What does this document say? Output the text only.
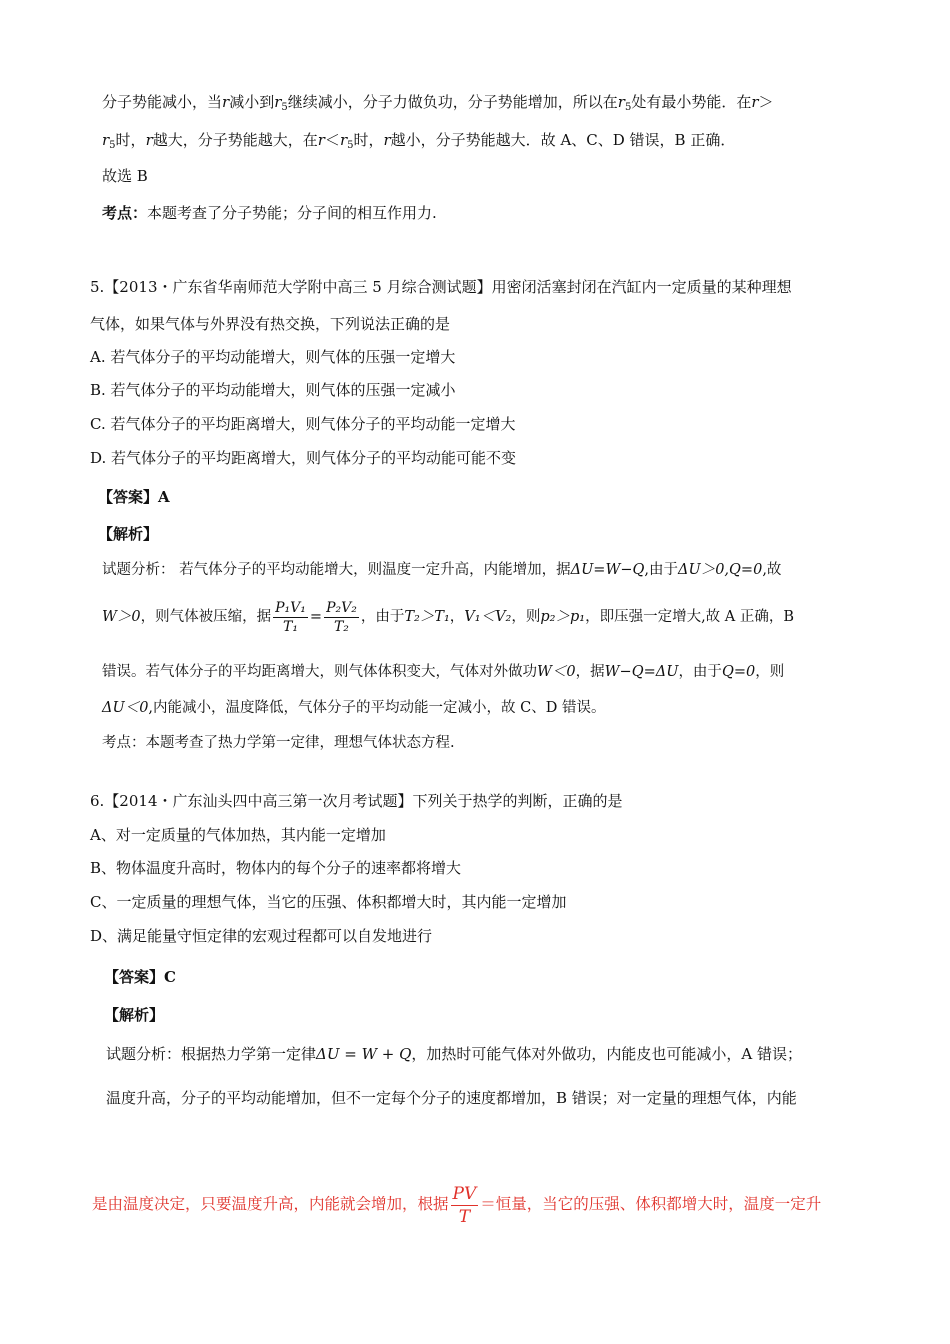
分子势能减小，当r减小到$r_5$继续减小，分子力做负功，分子势能增加，所以在$r_5$处有最小势能．在r＞
$r_5$时，r越大，分子势能越大，在$r<r_5$时，r越小，分子势能越大．故 A、C、D 错误，B 正确．
故选 B
考点：本题考查了分子势能；分子间的相互作用力.
5.【2013・广东省华南师范大学附中高三 5 月综合测试题】用密闭活塞封闭在汽缸内一定质量的某种理想
气体，如果气体与外界没有热交换，下列说法正确的是
A. 若气体分子的平均动能增大，则气体的压强一定增大
B. 若气体分子的平均动能增大，则气体的压强一定减小
C. 若气体分子的平均距离增大，则气体分子的平均动能一定增大
D. 若气体分子的平均距离增大，则气体分子的平均动能可能不变
【答案】A
【解析】
试题分析： 若气体分子的平均动能增大，则温度一定升高，内能增加，据ΔU=W−Q,由于ΔU＞0,Q=0,故
W＞0，则气体被压缩，据 $\frac{\text{P₁V₁}}{\text{T₁}} = \frac{\text{P₂V₂}}{\text{T₂}}$ ，由于T₂＞T₁，V₁＜V₂，则p₂＞p₁，即压强一定增大,故 A 正确，B
错误。若气体分子的平均距离增大，则气体体积变大，气体对外做功W＜0，据W−Q=ΔU，由于Q=0，则
ΔU＜0,内能减小，温度降低，气体分子的平均动能一定减小，故 C、D 错误。
考点：本题考查了热力学第一定律，理想气体状态方程.
6.【2014・广东汕头四中高三第一次月考试题】下列关于热学的判断，正确的是
A、对一定质量的气体加热，其内能一定增加
B、物体温度升高时，物体内的每个分子的速率都将增大
C、一定质量的理想气体，当它的压强、体积都增大时，其内能一定增加
D、满足能量守恒定律的宏观过程都可以自发地进行
【答案】C
【解析】
试题分析：根据热力学第一定律ΔU = W + Q，加热时可能气体对外做功，内能皮也可能减小，A 错误；
温度升高，分子的平均动能增加，但不一定每个分子的速度都增加，B 错误；对一定量的理想气体，内能
是由温度决定，只要温度升高，内能就会增加，根据 $\frac{PV}{T}$ ＝恒量，当它的压强、体积都增大时，温度一定升
